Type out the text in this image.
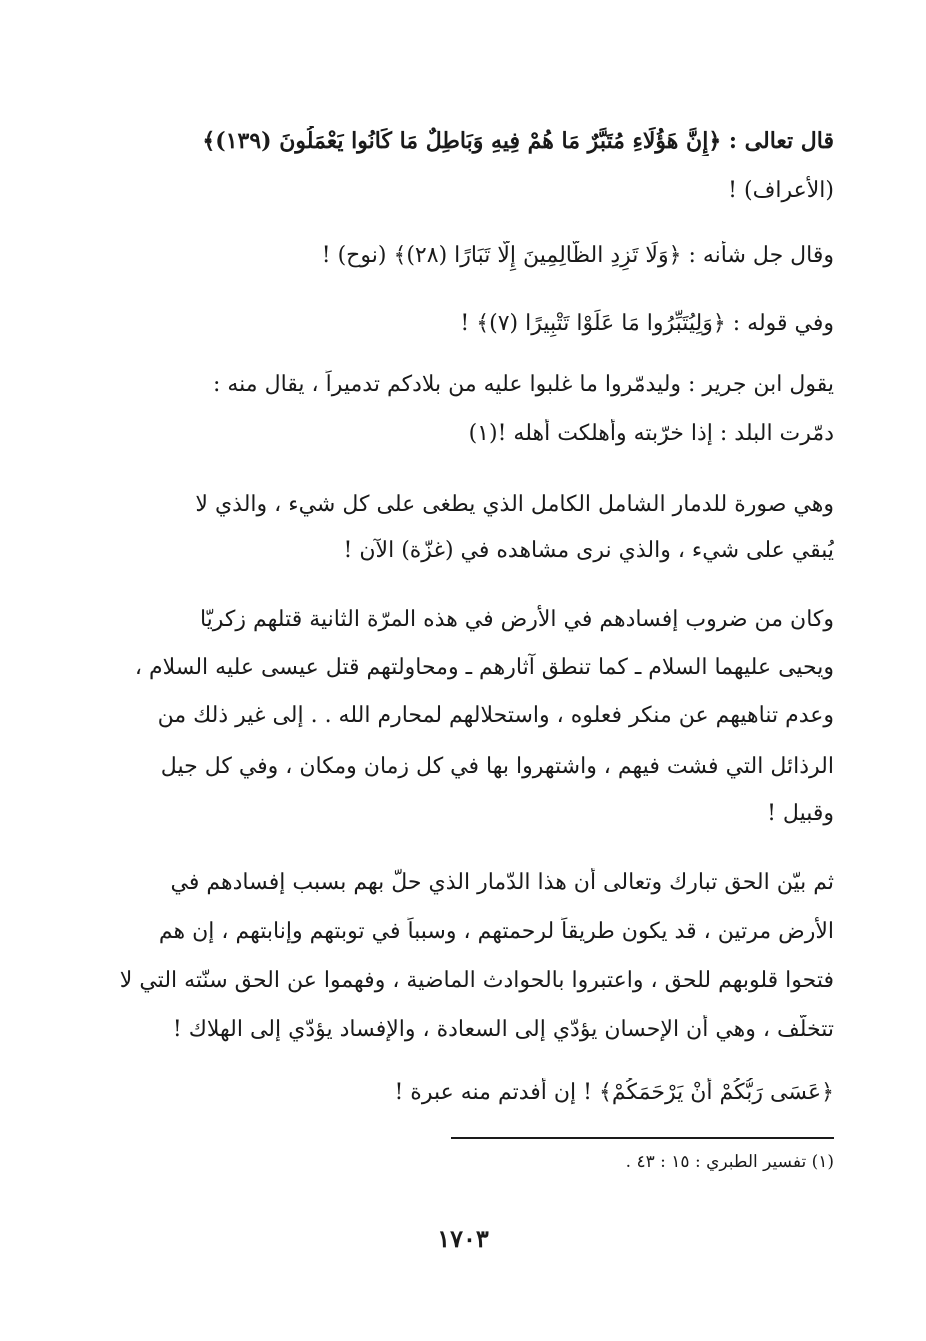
قال تعالى : ﴿إِنَّ هَؤُلَاءِ مُتَبَّرٌ مَا هُمْ فِيهِ وَبَاطِلٌ مَا كَانُوا يَعْمَلُونَ (١٣٩)﴾
(الأعراف) !
وقال جل شأنه : ﴿وَلَا تَزِدِ الظَّالِمِينَ إِلَّا تَبَارًا (٢٨)﴾ (نوح) !
وفي قوله : ﴿وَلِيُتَبِّرُوا مَا عَلَوْا تَتْبِيرًا (٧)﴾ !
يقول ابن جرير : وليدمّروا ما غلبوا عليه من بلادكم تدميراً ، يقال منه :
دمّرت البلد : إذا خرّبته وأهلكت أهله !(١)
وهي صورة للدمار الشامل الكامل الذي يطغى على كل شيء ، والذي لا
يُبقي على شيء ، والذي نرى مشاهده في (غزّة) الآن !
وكان من ضروب إفسادهم في الأرض في هذه المرّة الثانية قتلهم زكريّا
ويحيى عليهما السلام ـ كما تنطق آثارهم ـ ومحاولتهم قتل عيسى عليه السلام ،
وعدم تناهيهم عن منكر فعلوه ، واستحلالهم لمحارم الله . . إلى غير ذلك من
الرذائل التي فشت فيهم ، واشتهروا بها في كل زمان ومكان ، وفي كل جيل
وقبيل !
ثم بيّن الحق تبارك وتعالى أن هذا الدّمار الذي حلّ بهم بسبب إفسادهم في
الأرض مرتين ، قد يكون طريقاً لرحمتهم ، وسبباً في توبتهم وإنابتهم ، إن هم
فتحوا قلوبهم للحق ، واعتبروا بالحوادث الماضية ، وفهموا عن الحق سنّته التي لا
تتخلّف ، وهي أن الإحسان يؤدّي إلى السعادة ، والإفساد يؤدّي إلى الهلاك !
﴿عَسَى رَبُّكُمْ أَنْ يَرْحَمَكُمْ﴾ ! إن أفدتم منه عبرة !
(١) تفسير الطبري : ١٥ : ٤٣ .
١٧٠٣
